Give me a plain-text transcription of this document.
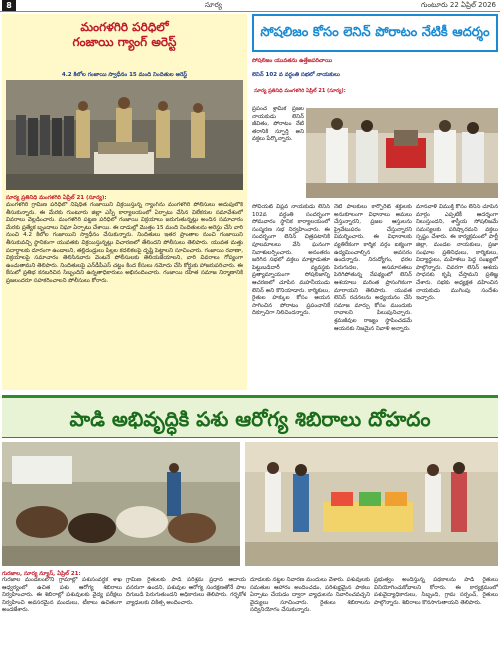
8	సూర్య	గుంటూరు 22 ఏప్రిల్ 2026
మంగళగిరి పరిధిలో
గంజాయి గ్యాంగ్ అరెస్ట్
4.2 కిలోల గంజాయి స్వాధీనం 15 మంది నిందితుల అరెస్ట్
సూర్య ప్రతినిధి మంగళగిరి ఏప్రిల్ 21 (సూర్య):
మంగళగిరి గ్రామీణ పరిధిలో నిషేధిత గంజాయిని విక్రయిస్తున్న గ్యాంగ్‌ను మంగళగిరి పోలీసులు అదుపులోకి తీసుకున్నారు. ఈ మేరకు గుంటూరు జిల్లా ఎస్పీ కార్యాలయంలో ఏర్పాటు చేసిన విలేకరుల సమావేశంలో వివరాలు వెల్లడించారు. మంగళగిరి పట్టణ పరిధిలో గంజాయి విక్రయాలు జరుగుతున్నట్లు అందిన సమాచారం మేరకు ప్రత్యేక బృందాలు నిఘా ఏర్పాటు చేశాయి. ఈ దాడుల్లో మొత్తం 15 మంది నిందితులను అరెస్టు చేసి వారి నుంచి 4.2 కిలోల గంజాయిని స్వాధీనం చేసుకున్నారు. నిందితులు ఇతర ప్రాంతాల నుంచి గంజాయిని తీసుకువచ్చి స్థానికంగా యువతకు విక్రయిస్తున్నట్లు విచారణలో తేలిందని పోలీసులు తెలిపారు. యువత మత్తు పదార్థాలకు దూరంగా ఉండాలని, తల్లిదండ్రులు పిల్లల కదలికలపై దృష్టి పెట్టాలని సూచించారు. గంజాయి రవాణా, విక్రయాలపై సమాచారం తెలిసినవారు వెంటనే పోలీసులకు తెలియజేయాలని, వారి వివరాలు గోప్యంగా ఉంచుతామని తెలిపారు. నిందితులపై ఎన్‌డీపీఎస్ చట్టం కింద కేసులు నమోదు చేసి కోర్టుకు హాజరుపరిచారు. ఈ కేసులో ప్రతిభ కనబరిచిన సిబ్బందిని ఉన్నతాధికారులు అభినందించారు. గంజాయి రహిత సమాజ నిర్మాణానికి ప్రజలందరూ సహకరించాలని పోలీసులు కోరారు.
సోషలిజం కోసం లెనిన్ పోరాటం నేటికీ ఆదర్శం
సోషలిజం యువతను ఉత్తేజపరిచాయి
లెనిన్ 102 వ వర్ధంతి సభలో నాయకులు
సూర్య ప్రతినిధి మంగళగిరి ఏప్రిల్ 21 (సూర్య):
ప్రపంచ శ్రామిక ప్రజల నాయకుడు లెనిన్ జీవితం, పోరాటం నేటి తరానికి స్ఫూర్తి అని వక్తలు పేర్కొన్నారు.
సోవియట్ విప్లవ నాయకుడు లెనిన్ 102వ వర్ధంతి సందర్భంగా సోమవారం స్థానిక కార్యాలయంలో సంస్మరణ సభ నిర్వహించారు. ఈ సందర్భంగా లెనిన్ చిత్రపటానికి పూలమాలలు వేసి ఘనంగా నివాళులర్పించారు. అనంతరం జరిగిన సభలో వక్తలు మాట్లాడుతూ పెట్టుబడిదారీ వ్యవస్థకు ప్రత్యామ్నాయంగా సోషలిజాన్ని ఆచరణలో చూపిన మహనీయుడు లెనిన్ అని కొనియాడారు. కార్మికులు, రైతుల హక్కుల కోసం ఆయన సాగించిన పోరాటం ప్రపంచానికే దిక్సూచిగా నిలిచిందన్నారు.
నేటి పాలకులు కార్పొరేట్ శక్తులకు అనుకూలంగా విధానాలు అమలు చేస్తున్నారని, ప్రజల ఆస్తులను ప్రైవేటుపరం చేస్తున్నారని విమర్శించారు. ఈ విధానాలకు వ్యతిరేకంగా కార్మిక వర్గం ఐక్యంగా ఉద్యమించాల్సిన అవసరం ఉందన్నారు. నిరుద్యోగం, ధరల పెరుగుదల, అసమానతలు పెరిగిపోతున్న నేపథ్యంలో లెనిన్ ఆశయాలు మరింత ప్రాసంగికంగా మారాయని తెలిపారు. యువత లెనిన్ రచనలను అధ్యయనం చేసి సమాజ మార్పు కోసం ముందుకు రావాలని పిలుపునిచ్చారు. శ్రమజీవుల రాజ్యం స్థాపించడమే ఆయనకు నిజమైన నివాళి అన్నారు.
మానవాళి విముక్తి కోసం లెనిన్ చూపిన మార్గం ఎప్పటికీ ఆదర్శంగా నిలుస్తుందని, శాస్త్రీయ సోషలిజమే సమస్యలకు పరిష్కారమని వక్తలు స్పష్టం చేశారు. ఈ కార్యక్రమంలో పార్టీ జిల్లా, మండల నాయకులు, ప్రజా సంఘాల ప్రతినిధులు, కార్మికులు, విద్యార్థులు, మహిళలు పెద్ద సంఖ్యలో పాల్గొన్నారు. చివరగా లెనిన్ ఆశయ సాధనకు కృషి చేస్తామని ప్రతిజ్ఞ చేశారు. సభకు అధ్యక్షత వహించిన నాయకుడు ముగింపు సందేశం ఇచ్చారు.
పాడి అభివృద్ధికి పశు ఆరోగ్య శిబిరాలు దోహదం
గురజాల, సూర్య న్యూస్, ఏప్రిల్ 21:
గురజాల మండలంలోని గ్రామాల్లో పశుసంవర్ధక శాఖ ఆధ్వర్యంలో ఉచిత పశు ఆరోగ్య శిబిరాలు నిర్వహించారు. ఈ శిబిరాల్లో పశువులకు వైద్య పరీక్షలు నిర్వహించి అవసరమైన మందులు, టీకాలు ఉచితంగా అందజేశారు.
గ్రామీణ రైతులకు పాడి పరిశ్రమ ప్రధాన ఆదాయ వనరుగా ఉందని, పశువుల ఆరోగ్య సంరక్షణతోనే పాల దిగుబడి పెరుగుతుందని అధికారులు తెలిపారు. గర్భకోశ వ్యాధులకు చికిత్స అందించారు.
దూడలకు నట్టల నివారణ మందులు వేశారు. పశువులకు సమతుల ఆహారం అందించడం, పరిశుభ్రమైన పాకలు ఏర్పాటు చేయడం ద్వారా వ్యాధులను నివారించవచ్చని వైద్యులు సూచించారు. రైతులు శిబిరాలను సద్వినియోగం చేసుకున్నారు.
ప్రభుత్వం అందిస్తున్న పథకాలను పాడి రైతులు వినియోగించుకోవాలని కోరారు. ఈ కార్యక్రమంలో పశువైద్యాధికారులు, సిబ్బంది, గ్రామ సర్పంచ్, రైతులు పాల్గొన్నారు. శిబిరాలు కొనసాగుతాయని తెలిపారు.
